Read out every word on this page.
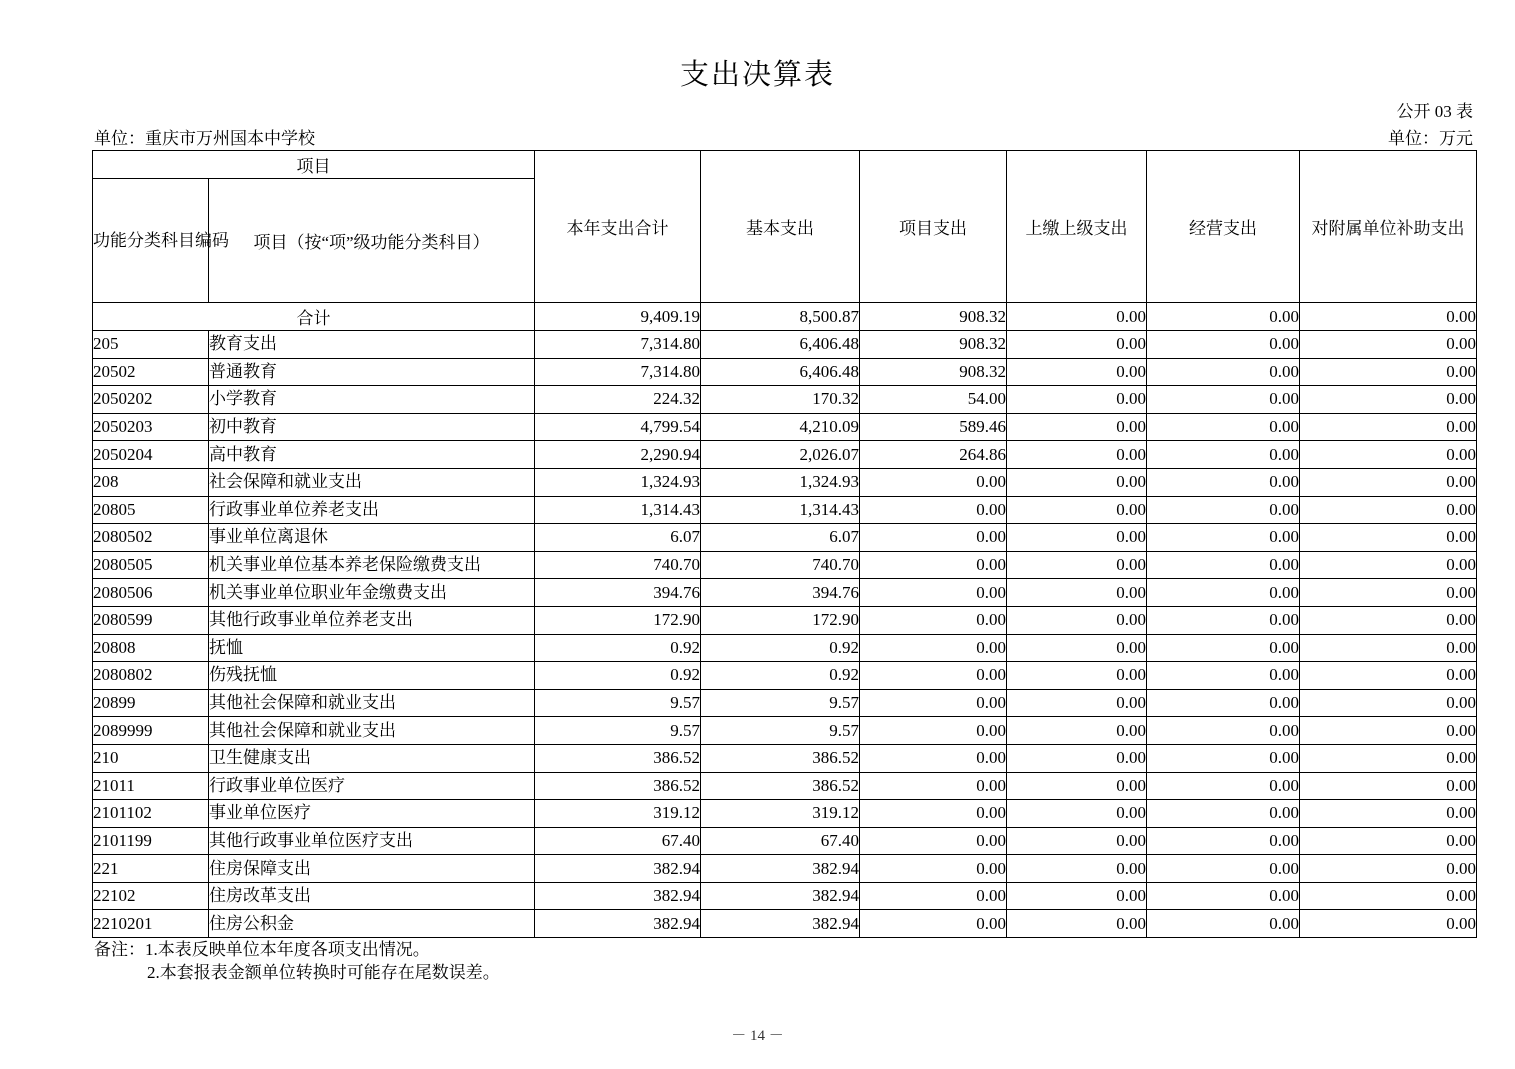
支出决算表
公开 03 表
单位：重庆市万州国本中学校	单位：万元
项目		本年支出合计	基本支出	项目支出	上缴上级支出	经营支出	对附属单位补助支出
功能分类科目编码	项目（按“项”级功能分类科目）						
合计		9,409.19	8,500.87	908.32	0.00	0.00	0.00
205	教育支出	7,314.80	6,406.48	908.32	0.00	0.00	0.00
20502	普通教育	7,314.80	6,406.48	908.32	0.00	0.00	0.00
2050202	小学教育	224.32	170.32	54.00	0.00	0.00	0.00
2050203	初中教育	4,799.54	4,210.09	589.46	0.00	0.00	0.00
2050204	高中教育	2,290.94	2,026.07	264.86	0.00	0.00	0.00
208	社会保障和就业支出	1,324.93	1,324.93	0.00	0.00	0.00	0.00
20805	行政事业单位养老支出	1,314.43	1,314.43	0.00	0.00	0.00	0.00
2080502	事业单位离退休	6.07	6.07	0.00	0.00	0.00	0.00
2080505	机关事业单位基本养老保险缴费支出	740.70	740.70	0.00	0.00	0.00	0.00
2080506	机关事业单位职业年金缴费支出	394.76	394.76	0.00	0.00	0.00	0.00
2080599	其他行政事业单位养老支出	172.90	172.90	0.00	0.00	0.00	0.00
20808	抚恤	0.92	0.92	0.00	0.00	0.00	0.00
2080802	伤残抚恤	0.92	0.92	0.00	0.00	0.00	0.00
20899	其他社会保障和就业支出	9.57	9.57	0.00	0.00	0.00	0.00
2089999	其他社会保障和就业支出	9.57	9.57	0.00	0.00	0.00	0.00
210	卫生健康支出	386.52	386.52	0.00	0.00	0.00	0.00
21011	行政事业单位医疗	386.52	386.52	0.00	0.00	0.00	0.00
2101102	事业单位医疗	319.12	319.12	0.00	0.00	0.00	0.00
2101199	其他行政事业单位医疗支出	67.40	67.40	0.00	0.00	0.00	0.00
221	住房保障支出	382.94	382.94	0.00	0.00	0.00	0.00
22102	住房改革支出	382.94	382.94	0.00	0.00	0.00	0.00
2210201	住房公积金	382.94	382.94	0.00	0.00	0.00	0.00
备注：1.本表反映单位本年度各项支出情况。
2.本套报表金额单位转换时可能存在尾数误差。
－ 14 －
